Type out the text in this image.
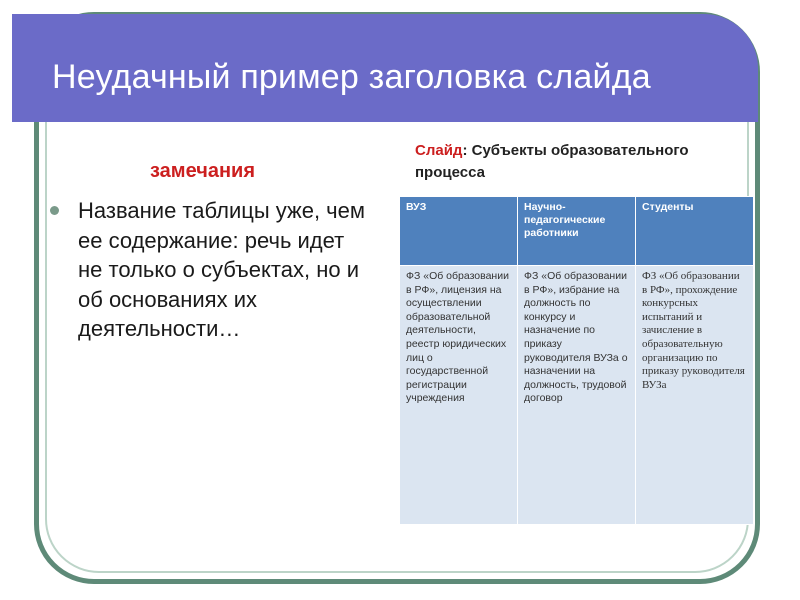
Неудачный пример заголовка слайда
замечания
Название таблицы уже, чем ее содержание: речь идет не только о субъектах, но и об основаниях их деятельности…
Слайд: Субъекты образовательного процесса
ВУЗ	Научно-педагогические работники	Студенты
ФЗ «Об образовании в РФ», лицензия на осуществлении образовательной деятельности, реестр юридических лиц о государственной регистрации учреждения	ФЗ «Об образовании в РФ», избрание на должность по конкурсу и назначение по приказу руководителя ВУЗа о назначении на должность, трудовой договор	ФЗ «Об образовании в РФ», прохождение конкурсных испытаний и зачисление в образовательную организацию по приказу руководителя ВУЗа
